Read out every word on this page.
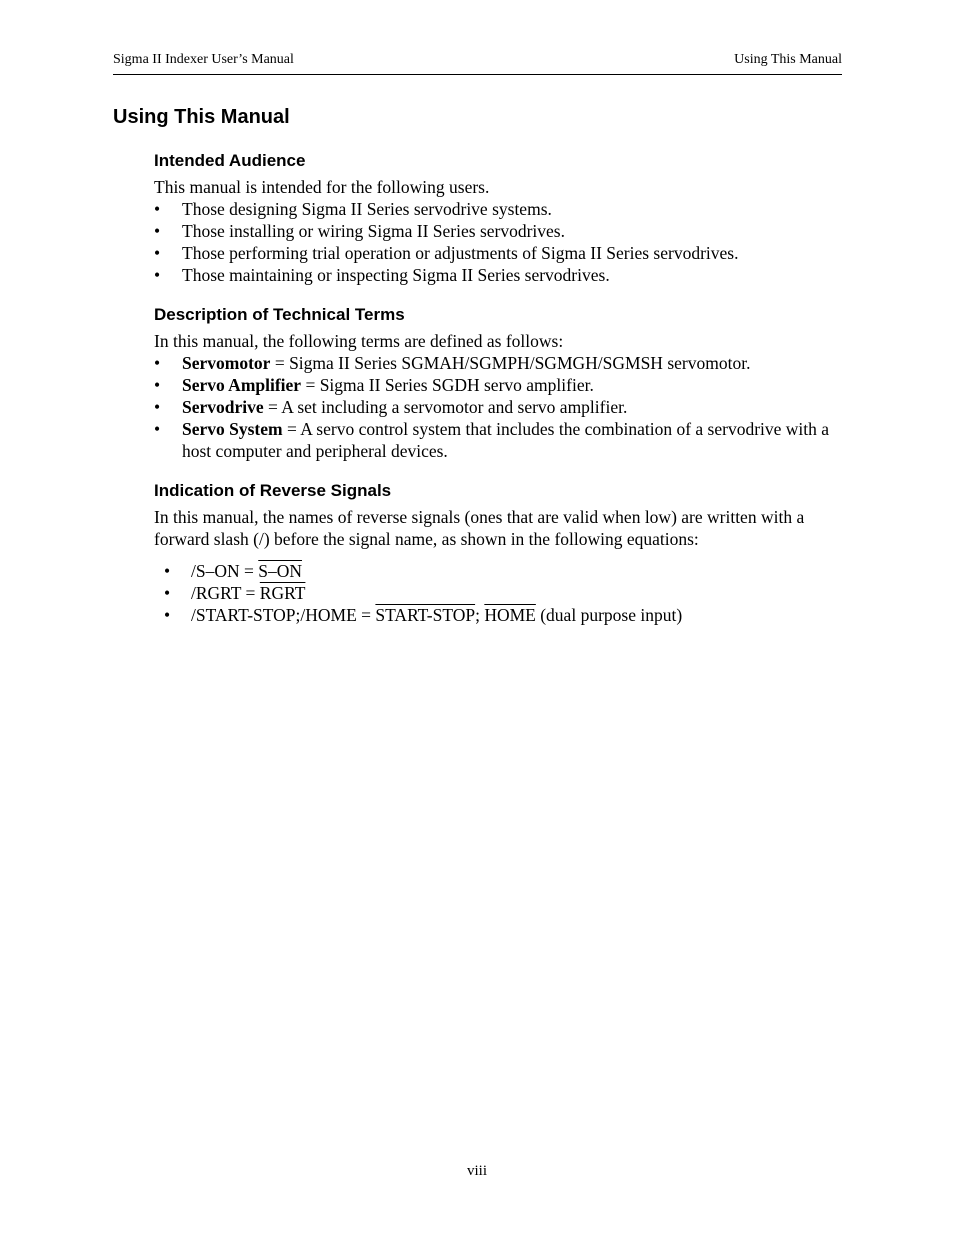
Sigma II Indexer User’s Manual	Using This Manual
Using This Manual
Intended Audience

This manual is intended for the following users.

• Those designing Sigma II Series servodrive systems.
• Those installing or wiring Sigma II Series servodrives.
• Those performing trial operation or adjustments of Sigma II Series servodrives.
• Those maintaining or inspecting Sigma II Series servodrives.
Description of Technical Terms

In this manual, the following terms are defined as follows:

• Servomotor = Sigma II Series SGMAH/SGMPH/SGMGH/SGMSH servomotor.
• Servo Amplifier = Sigma II Series SGDH servo amplifier.
• Servodrive = A set including a servomotor and servo amplifier.
• Servo System = A servo control system that includes the combination of a servodrive with a host computer and peripheral devices.
Indication of Reverse Signals

In this manual, the names of reverse signals (ones that are valid when low) are written with a forward slash (/) before the signal name, as shown in the following equations:

• /S–ON = S–ON
• /RGRT = RGRT
• /START-STOP;/HOME = START-STOP; HOME (dual purpose input)
viii
